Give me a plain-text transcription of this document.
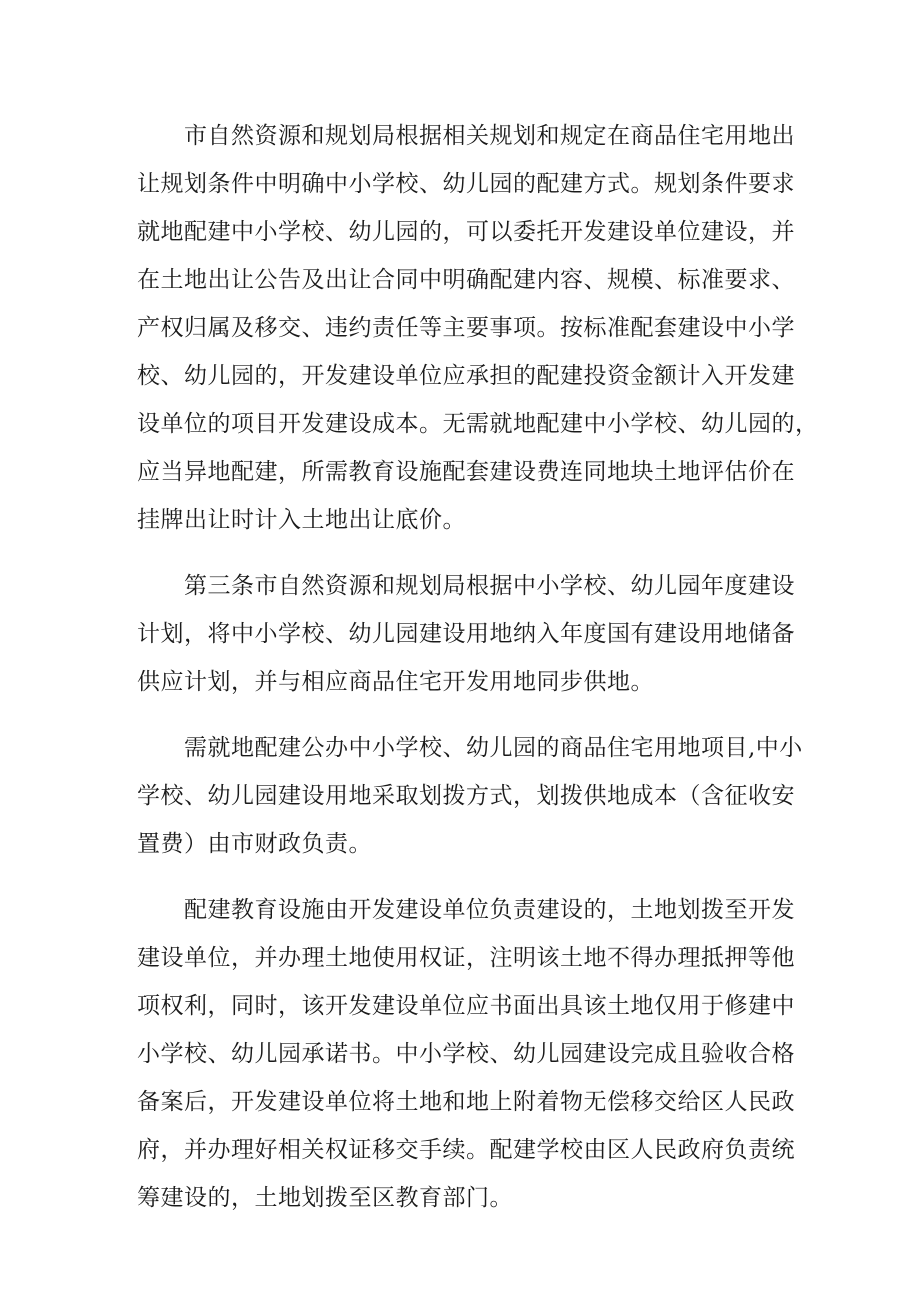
市自然资源和规划局根据相关规划和规定在商品住宅用地出
让规划条件中明确中小学校、幼儿园的配建方式。规划条件要求
就地配建中小学校、幼儿园的，可以委托开发建设单位建设，并
在土地出让公告及出让合同中明确配建内容、规模、标准要求、
产权归属及移交、违约责任等主要事项。按标准配套建设中小学
校、幼儿园的，开发建设单位应承担的配建投资金额计入开发建
设单位的项目开发建设成本。无需就地配建中小学校、幼儿园的，
应当异地配建，所需教育设施配套建设费连同地块土地评估价在
挂牌出让时计入土地出让底价。

第三条市自然资源和规划局根据中小学校、幼儿园年度建设
计划，将中小学校、幼儿园建设用地纳入年度国有建设用地储备
供应计划，并与相应商品住宅开发用地同步供地。

需就地配建公办中小学校、幼儿园的商品住宅用地项目,中小
学校、幼儿园建设用地采取划拨方式，划拨供地成本（含征收安
置费）由市财政负责。

配建教育设施由开发建设单位负责建设的，土地划拨至开发
建设单位，并办理土地使用权证，注明该土地不得办理抵押等他
项权利，同时，该开发建设单位应书面出具该土地仅用于修建中
小学校、幼儿园承诺书。中小学校、幼儿园建设完成且验收合格
备案后，开发建设单位将土地和地上附着物无偿移交给区人民政
府，并办理好相关权证移交手续。配建学校由区人民政府负责统
筹建设的，土地划拨至区教育部门。
